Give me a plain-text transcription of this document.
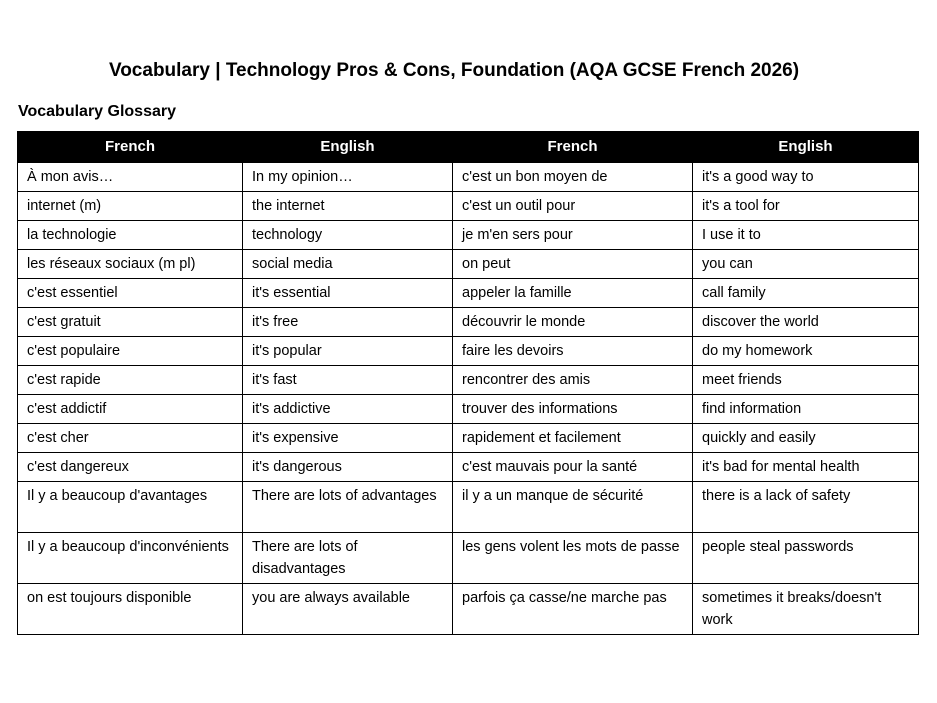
Vocabulary | Technology Pros & Cons, Foundation (AQA GCSE French 2026)
Vocabulary Glossary
French	English	French	English
À mon avis…	In my opinion…	c'est un bon moyen de	it's a good way to
internet (m)	the internet	c'est un outil pour	it's a tool for
la technologie	technology	je m'en sers pour	I use it to
les réseaux sociaux (m pl)	social media	on peut	you can
c'est essentiel	it's essential	appeler la famille	call family
c'est gratuit	it's free	découvrir le monde	discover the world
c'est populaire	it's popular	faire les devoirs	do my homework
c'est rapide	it's fast	rencontrer des amis	meet friends
c'est addictif	it's addictive	trouver des informations	find information
c'est cher	it's expensive	rapidement et facilement	quickly and easily
c'est dangereux	it's dangerous	c'est mauvais pour la santé	it's bad for mental health
Il y a beaucoup d'avantages	There are lots of advantages	il y a un manque de sécurité	there is a lack of safety
Il y a beaucoup d'inconvénients	There are lots of disadvantages	les gens volent les mots de passe	people steal passwords
on est toujours disponible	you are always available	parfois ça casse/ne marche pas	sometimes it breaks/doesn't work
